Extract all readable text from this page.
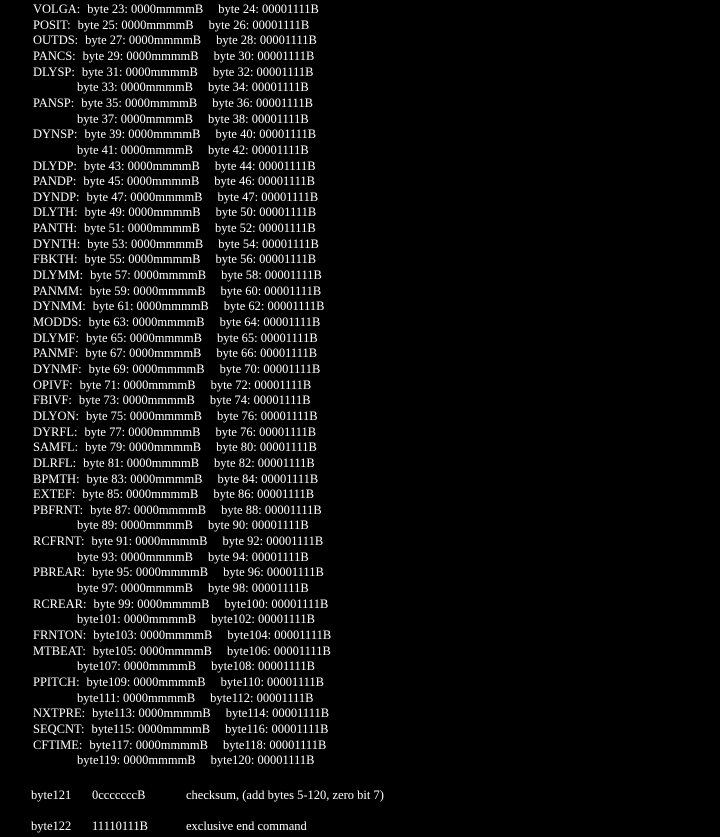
VOLGA: byte 23: 0000mmmmB byte 24: 00001111B
POSIT: byte 25: 0000mmmmB byte 26: 00001111B
OUTDS: byte 27: 0000mmmmB byte 28: 00001111B
PANCS: byte 29: 0000mmmmB byte 30: 00001111B
DLYSP: byte 31: 0000mmmmB byte 32: 00001111B
byte 33: 0000mmmmB byte 34: 00001111B
PANSP: byte 35: 0000mmmmB byte 36: 00001111B
byte 37: 0000mmmmB byte 38: 00001111B
DYNSP: byte 39: 0000mmmmB byte 40: 00001111B
byte 41: 0000mmmmB byte 42: 00001111B
DLYDP: byte 43: 0000mmmmB byte 44: 00001111B
PANDP: byte 45: 0000mmmmB byte 46: 00001111B
DYNDP: byte 47: 0000mmmmB byte 47: 00001111B
DLYTH: byte 49: 0000mmmmB byte 50: 00001111B
PANTH: byte 51: 0000mmmmB byte 52: 00001111B
DYNTH: byte 53: 0000mmmmB byte 54: 00001111B
FBKTH: byte 55: 0000mmmmB byte 56: 00001111B
DLYMM: byte 57: 0000mmmmB byte 58: 00001111B
PANMM: byte 59: 0000mmmmB byte 60: 00001111B
DYNMM: byte 61: 0000mmmmB byte 62: 00001111B
MODDS: byte 63: 0000mmmmB byte 64: 00001111B
DLYMF: byte 65: 0000mmmmB byte 65: 00001111B
PANMF: byte 67: 0000mmmmB byte 66: 00001111B
DYNMF: byte 69: 0000mmmmB byte 70: 00001111B
OPIVF: byte 71: 0000mmmmB byte 72: 00001111B
FBIVF: byte 73: 0000mmmmB byte 74: 00001111B
DLYON: byte 75: 0000mmmmB byte 76: 00001111B
DYRFL: byte 77: 0000mmmmB byte 76: 00001111B
SAMFL: byte 79: 0000mmmmB byte 80: 00001111B
DLRFL: byte 81: 0000mmmmB byte 82: 00001111B
BPMTH: byte 83: 0000mmmmB byte 84: 00001111B
EXTEF: byte 85: 0000mmmmB byte 86: 00001111B
PBFRNT: byte 87: 0000mmmmB byte 88: 00001111B
byte 89: 0000mmmmB byte 90: 00001111B
RCFRNT: byte 91: 0000mmmmB byte 92: 00001111B
byte 93: 0000mmmmB byte 94: 00001111B
PBREAR: byte 95: 0000mmmmB byte 96: 00001111B
byte 97: 0000mmmmB byte 98: 00001111B
RCREAR: byte 99: 0000mmmmB byte100: 00001111B
byte101: 0000mmmmB byte102: 00001111B
FRNTON: byte103: 0000mmmmB byte104: 00001111B
MTBEAT: byte105: 0000mmmmB byte106: 00001111B
byte107: 0000mmmmB byte108: 00001111B
PPITCH: byte109: 0000mmmmB byte110: 00001111B
byte111: 0000mmmmB byte112: 00001111B
NXTPRE: byte113: 0000mmmmB byte114: 00001111B
SEQCNT: byte115: 0000mmmmB byte116: 00001111B
CFTIME: byte117: 0000mmmmB byte118: 00001111B
byte119: 0000mmmmB byte120: 00001111B
byte121 0cccccccB	checksum, (add bytes 5-120, zero bit 7)
byte122 11110111B	exclusive end command
